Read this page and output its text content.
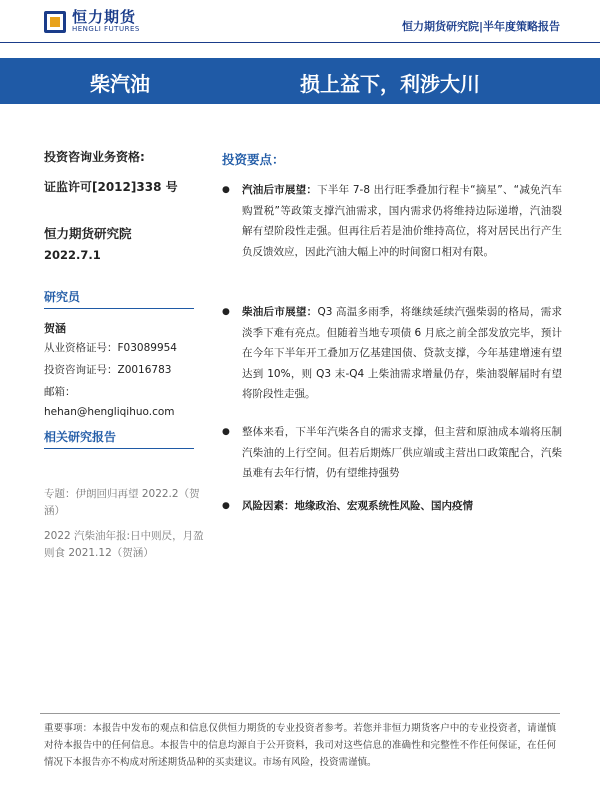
恒力期货
HENGLI FUTURES	恒力期货研究院|半年度策略报告
柴汽油	损上益下，利涉大川
投资咨询业务资格:
证监许可[2012]338 号
恒力期货研究院
2022.7.1
研究员
贺涵
从业资格证号：F03089954
投资咨询证号：Z0016783
邮箱：
hehan@hengliqihuo.com
相关研究报告
专题：伊朗回归再望 2022.2（贺涵）
2022 汽柴油年报:日中则昃，月盈则食 2021.12（贺涵）
投资要点：
●	汽油后市展望：下半年 7-8 出行旺季叠加行程卡“摘星”、“减免汽车购置税”等政策支撑汽油需求，国内需求仍将维持边际递增，汽油裂解有望阶段性走强。但再往后若是油价维持高位，将对居民出行产生负反馈效应，因此汽油大幅上冲的时间窗口相对有限。
●	柴油后市展望：Q3 高温多雨季，将继续延续汽强柴弱的格局，需求淡季下难有亮点。但随着当地专项债 6 月底之前全部发放完毕，预计在今年下半年开工叠加万亿基建国债、贷款支撑，今年基建增速有望达到 10%，则 Q3 末-Q4 上柴油需求增量仍存，柴油裂解届时有望将阶段性走强。
●	整体来看，下半年汽柴各自的需求支撑，但主营和原油成本端将压制汽柴油的上行空间。但若后期炼厂供应端或主营出口政策配合，汽柴虽难有去年行情，仍有望维持强势
●	风险因素：地缘政治、宏观系统性风险、国内疫情
重要事项：本报告中发布的观点和信息仅供恒力期货的专业投资者参考。若您并非恒力期货客户中的专业投资者，请谨慎对待本报告中的任何信息。本报告中的信息均源自于公开资料，我司对这些信息的准确性和完整性不作任何保证，在任何情况下本报告亦不构成对所述期货品种的买卖建议。市场有风险，投资需谨慎。
